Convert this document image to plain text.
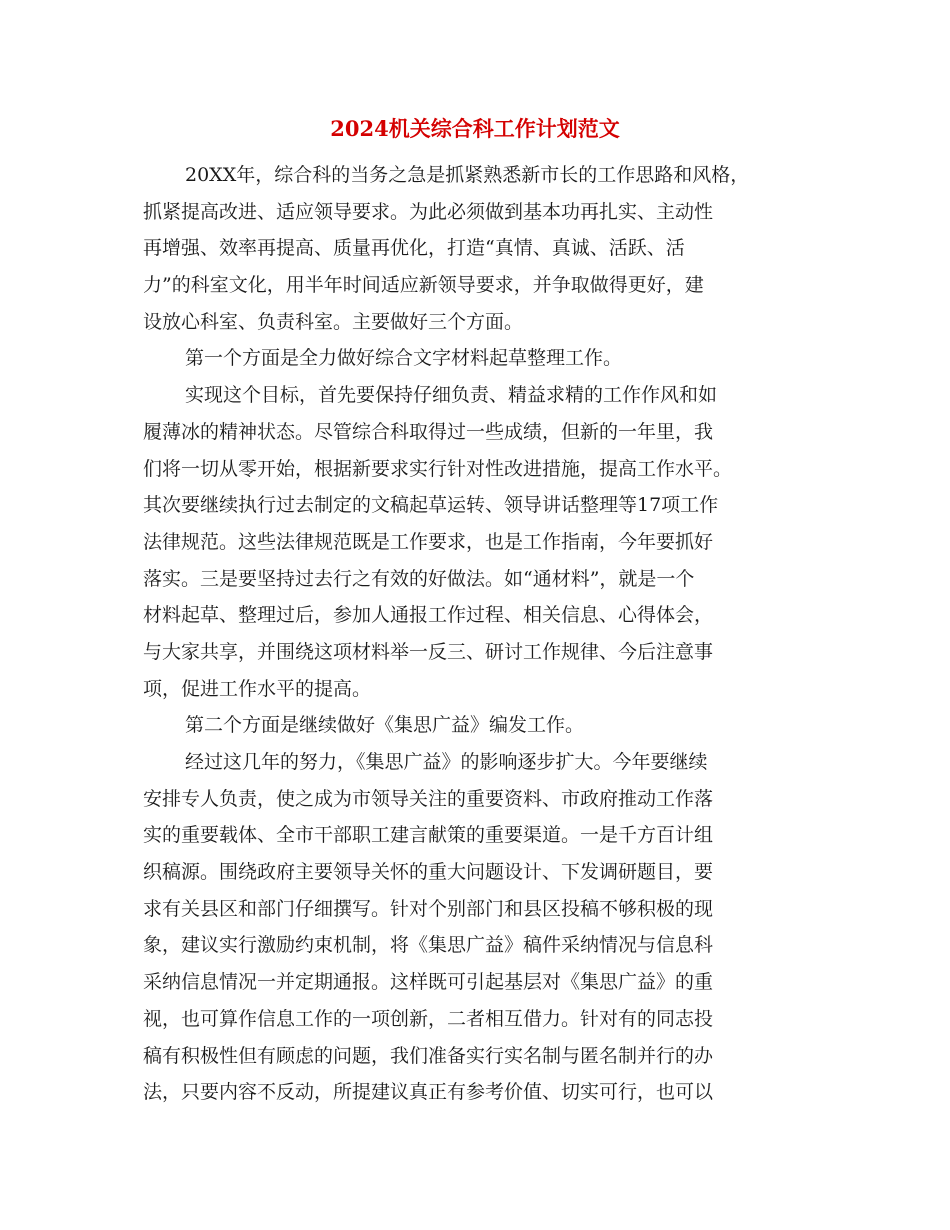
2024机关综合科工作计划范文
20XX年，综合科的当务之急是抓紧熟悉新市长的工作思路和风格，
抓紧提高改进、适应领导要求。为此必须做到基本功再扎实、主动性
再增强、效率再提高、质量再优化，打造“真情、真诚、活跃、活
力”的科室文化，用半年时间适应新领导要求，并争取做得更好，建
设放心科室、负责科室。主要做好三个方面。
第一个方面是全力做好综合文字材料起草整理工作。
实现这个目标，首先要保持仔细负责、精益求精的工作作风和如
履薄冰的精神状态。尽管综合科取得过一些成绩，但新的一年里，我
们将一切从零开始，根据新要求实行针对性改进措施，提高工作水平。
其次要继续执行过去制定的文稿起草运转、领导讲话整理等17项工作
法律规范。这些法律规范既是工作要求，也是工作指南，今年要抓好
落实。三是要坚持过去行之有效的好做法。如“通材料”，就是一个
材料起草、整理过后，参加人通报工作过程、相关信息、心得体会，
与大家共享，并围绕这项材料举一反三、研讨工作规律、今后注意事
项，促进工作水平的提高。
第二个方面是继续做好《集思广益》编发工作。
经过这几年的努力，《集思广益》的影响逐步扩大。今年要继续
安排专人负责，使之成为市领导关注的重要资料、市政府推动工作落
实的重要载体、全市干部职工建言献策的重要渠道。一是千方百计组
织稿源。围绕政府主要领导关怀的重大问题设计、下发调研题目，要
求有关县区和部门仔细撰写。针对个别部门和县区投稿不够积极的现
象，建议实行激励约束机制，将《集思广益》稿件采纳情况与信息科
采纳信息情况一并定期通报。这样既可引起基层对《集思广益》的重
视，也可算作信息工作的一项创新，二者相互借力。针对有的同志投
稿有积极性但有顾虑的问题，我们准备实行实名制与匿名制并行的办
法，只要内容不反动，所提建议真正有参考价值、切实可行，也可以
